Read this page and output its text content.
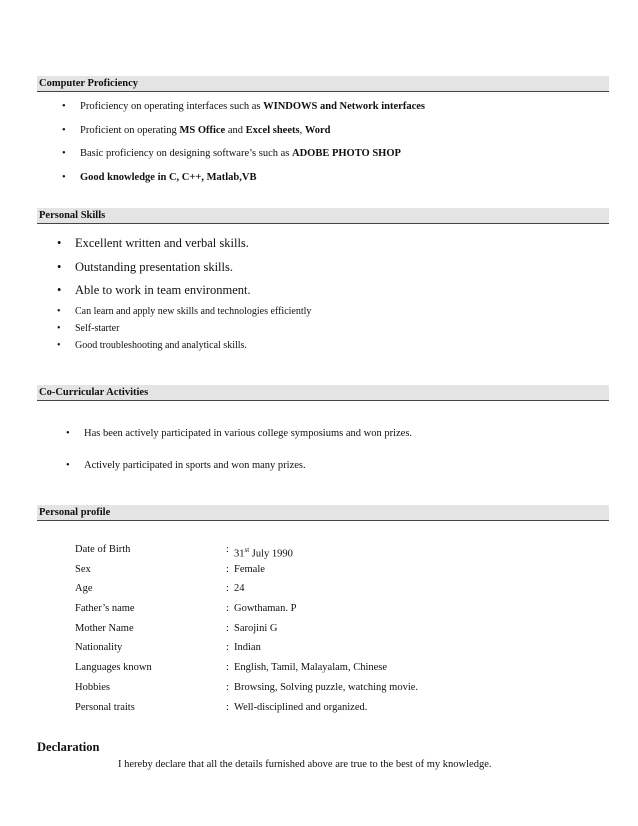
Computer Proficiency
• Proficiency on operating interfaces such as WINDOWS and Network interfaces
• Proficient on operating MS Office and Excel sheets, Word
• Basic proficiency on designing software’s such as ADOBE PHOTO SHOP
• Good knowledge in C, C++, Matlab,VB
Personal Skills
• Excellent written and verbal skills.
• Outstanding presentation skills.
• Able to work in team environment.
• Can learn and apply new skills and technologies efficiently
• Self-starter
• Good troubleshooting and analytical skills.
Co-Curricular Activities
• Has been actively participated in various college symposiums and won prizes.
• Actively participated in sports and won many prizes.
Personal profile
Date of Birth	: 31st July 1990
Sex	: Female
Age	: 24
Father’s name	: Gowthaman. P
Mother Name	: Sarojini G
Nationality	: Indian
Languages known	: English, Tamil, Malayalam, Chinese
Hobbies	: Browsing, Solving puzzle, watching movie.
Personal traits	: Well-disciplined and organized.
Declaration
I hereby declare that all the details furnished above are true to the best of my knowledge.
